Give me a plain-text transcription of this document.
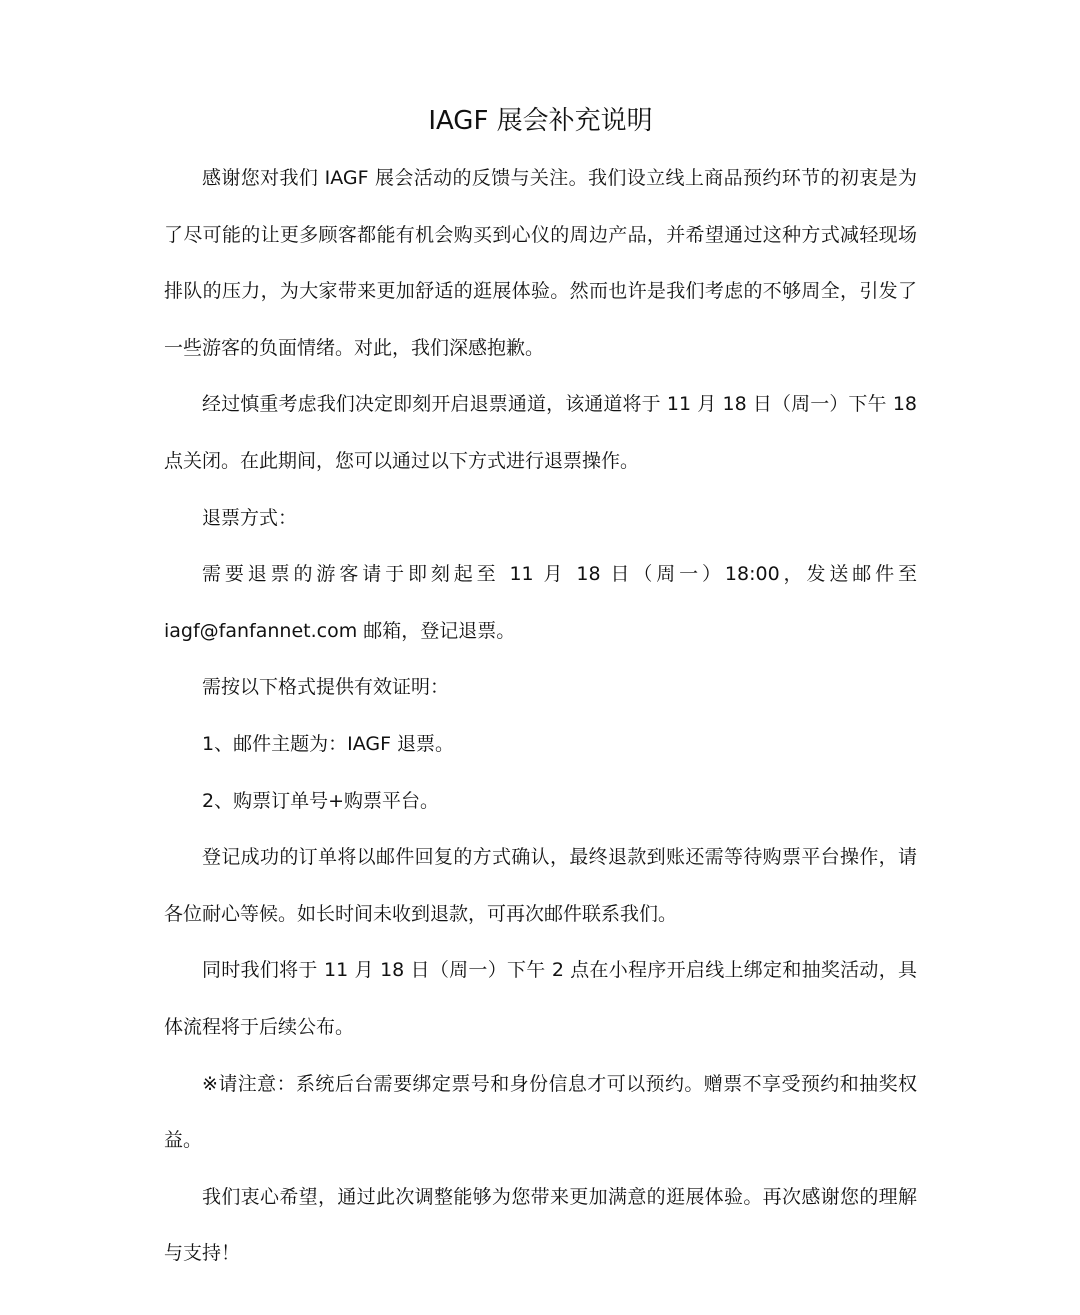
IAGF 展会补充说明

感谢您对我们 IAGF 展会活动的反馈与关注。我们设立线上商品预约环节的初衷是为了尽可能的让更多顾客都能有机会购买到心仪的周边产品，并希望通过这种方式减轻现场排队的压力，为大家带来更加舒适的逛展体验。然而也许是我们考虑的不够周全，引发了一些游客的负面情绪。对此，我们深感抱歉。

经过慎重考虑我们决定即刻开启退票通道，该通道将于 11 月 18 日（周一）下午 18 点关闭。在此期间，您可以通过以下方式进行退票操作。

退票方式：

需要退票的游客请于即刻起至 11 月 18 日（周一）18:00，发送邮件至

iagf@fanfannet.com 邮箱，登记退票。

需按以下格式提供有效证明：

1、邮件主题为：IAGF 退票。

2、购票订单号+购票平台。

登记成功的订单将以邮件回复的方式确认，最终退款到账还需等待购票平台操作，请各位耐心等候。如长时间未收到退款，可再次邮件联系我们。

同时我们将于 11 月 18 日（周一）下午 2 点在小程序开启线上绑定和抽奖活动，具体流程将于后续公布。

※请注意：系统后台需要绑定票号和身份信息才可以预约。赠票不享受预约和抽奖权益。

我们衷心希望，通过此次调整能够为您带来更加满意的逛展体验。再次感谢您的理解与支持！
